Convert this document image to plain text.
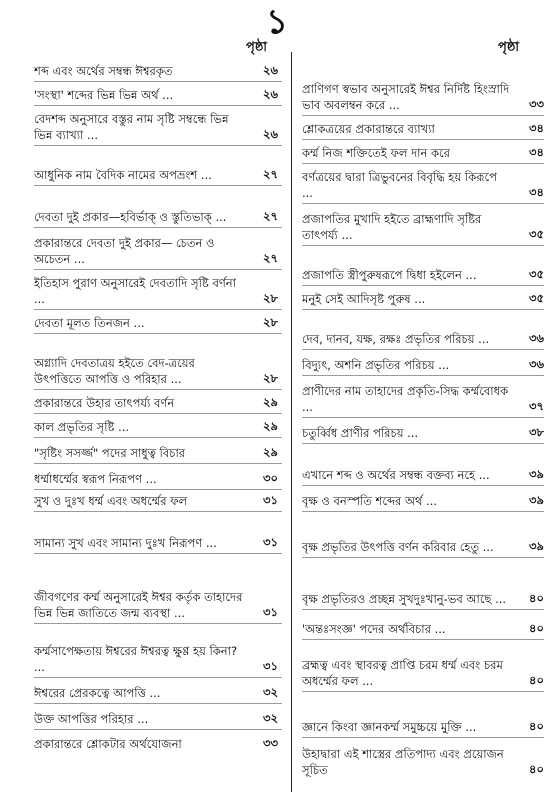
১
পৃষ্ঠা	পৃষ্ঠা
শব্দ এবং অর্থের সম্বন্ধ ঈশ্বরকৃত	২৬
'সংস্থা' শব্দের ভিন্ন ভিন্ন অর্থ ...	২৬
বেদশব্দ অনুসারে বস্তুর নাম সৃষ্টি সম্বন্ধে ভিন্ন ভিন্ন ব্যাখ্যা ...	২৬
আধুনিক নাম বৈদিক নামের অপভ্রংশ ...	২৭
দেবতা দুই প্রকার—হবির্ভাক্ ও স্তুতিভাক্ ...	২৭
প্রকারান্তরে দেবতা দুই প্রকার— চেতন ও অচেতন ...	২৭
ইতিহাস পুরাণ অনুসারেই দেবতাদি সৃষ্টি বর্ণনা ...	২৮
দেবতা মূলত তিনজন ...	২৮
অগ্ন্যাদি দেবতাত্রয় হইতে বেদ-ত্রয়ের উৎপত্তিতে আপত্তি ও পরিহার ...	২৮
প্রকারান্তরে উহার তাৎপর্য্য বর্ণন	২৯
কাল প্রভৃতির সৃষ্টি ...	২৯
"সৃষ্টিং সসর্জ্জ" পদের সাধুত্ব বিচার	২৯
ধর্ম্মাধর্ম্মের স্বরূপ নিরূপণ ...	৩০
সুখ ও দুঃখ ধর্ম্ম এবং অধর্ম্মের ফল	৩১
সামান্য সুখ এবং সামান্য দুঃখ নিরূপণ ...	৩১
জীবগণের কর্ম্ম অনুসারেই ঈশ্বর কর্তৃক তাহাদের ভিন্ন ভিন্ন জাতিতে জন্ম ব্যবস্থা ...	৩১
কর্ম্মসাপেক্ষতায় ঈশ্বরের ঈশ্বরত্ব ক্ষুণ্ণ হয় কিনা? ...	৩১
ঈশ্বরের প্রেরকত্বে আপত্তি ...	৩২
উক্ত আপত্তির পরিহার ...	৩২
প্রকারান্তরে শ্লোকটার অর্থযোজনা	৩৩
প্রাণিগণ স্বভাব অনুসারেই ঈশ্বর নির্দিষ্ট হিংস্রাদি ভাব অবলম্বন করে ...	৩৩
শ্লোকত্রয়ের প্রকারান্তরে ব্যাখ্যা	৩৪
কর্ম্ম নিজ শক্তিতেই ফল দান করে	৩৪
বর্ণত্রয়ের দ্বারা ত্রিভুবনের বিবৃদ্ধি হয় কিরূপে ...	৩৪
প্রজাপতির মুখাদি হইতে ব্রাহ্মণাদি সৃষ্টির তাৎপর্য্য ...	৩৫
প্রজাপতি স্ত্রীপুরুষরূপে দ্বিধা হইলেন ...	৩৫
মনুই সেই আদিসৃষ্ট পুরুষ ...	৩৫
দেব, দানব, যক্ষ, রক্ষঃ প্রভৃতির পরিচয় ...	৩৬
বিদ্যুৎ, অশনি প্রভৃতির পরিচয় ...	৩৬
প্রাণীদের নাম তাহাদের প্রকৃতি-সিদ্ধ কর্ম্মবোধক ...	৩৭
চতুর্ব্বিধ প্রাণীর পরিচয় ...	৩৮
এখানে শব্দ ও অর্থের সম্বন্ধ বক্তব্য নহে ...	৩৯
বৃক্ষ ও বনস্পতি শব্দের অর্থ ...	৩৯
বৃক্ষ প্রভৃতির উৎপত্তি বর্ণন করিবার হেতু ...	৩৯
বৃক্ষ প্রভৃতিরও প্রচ্ছন্ন সুখদুঃখানু-ভব আছে ...	৪০
'অন্তঃসংজ্ঞ' পদের অর্থবিচার ...	৪০
ব্রহ্মত্ব এবং স্থাবরত্ব প্রাপ্তি চরম ধর্ম্ম এবং চরম অধর্ম্মের ফল ...	৪০
জ্ঞানে কিংবা জ্ঞানকর্ম্ম সমুচ্চয়ে মুক্তি ...	৪০
উহাদ্বারা এই শাস্ত্রের প্রতিপাদ্য এবং প্রয়োজন সূচিত	৪০
